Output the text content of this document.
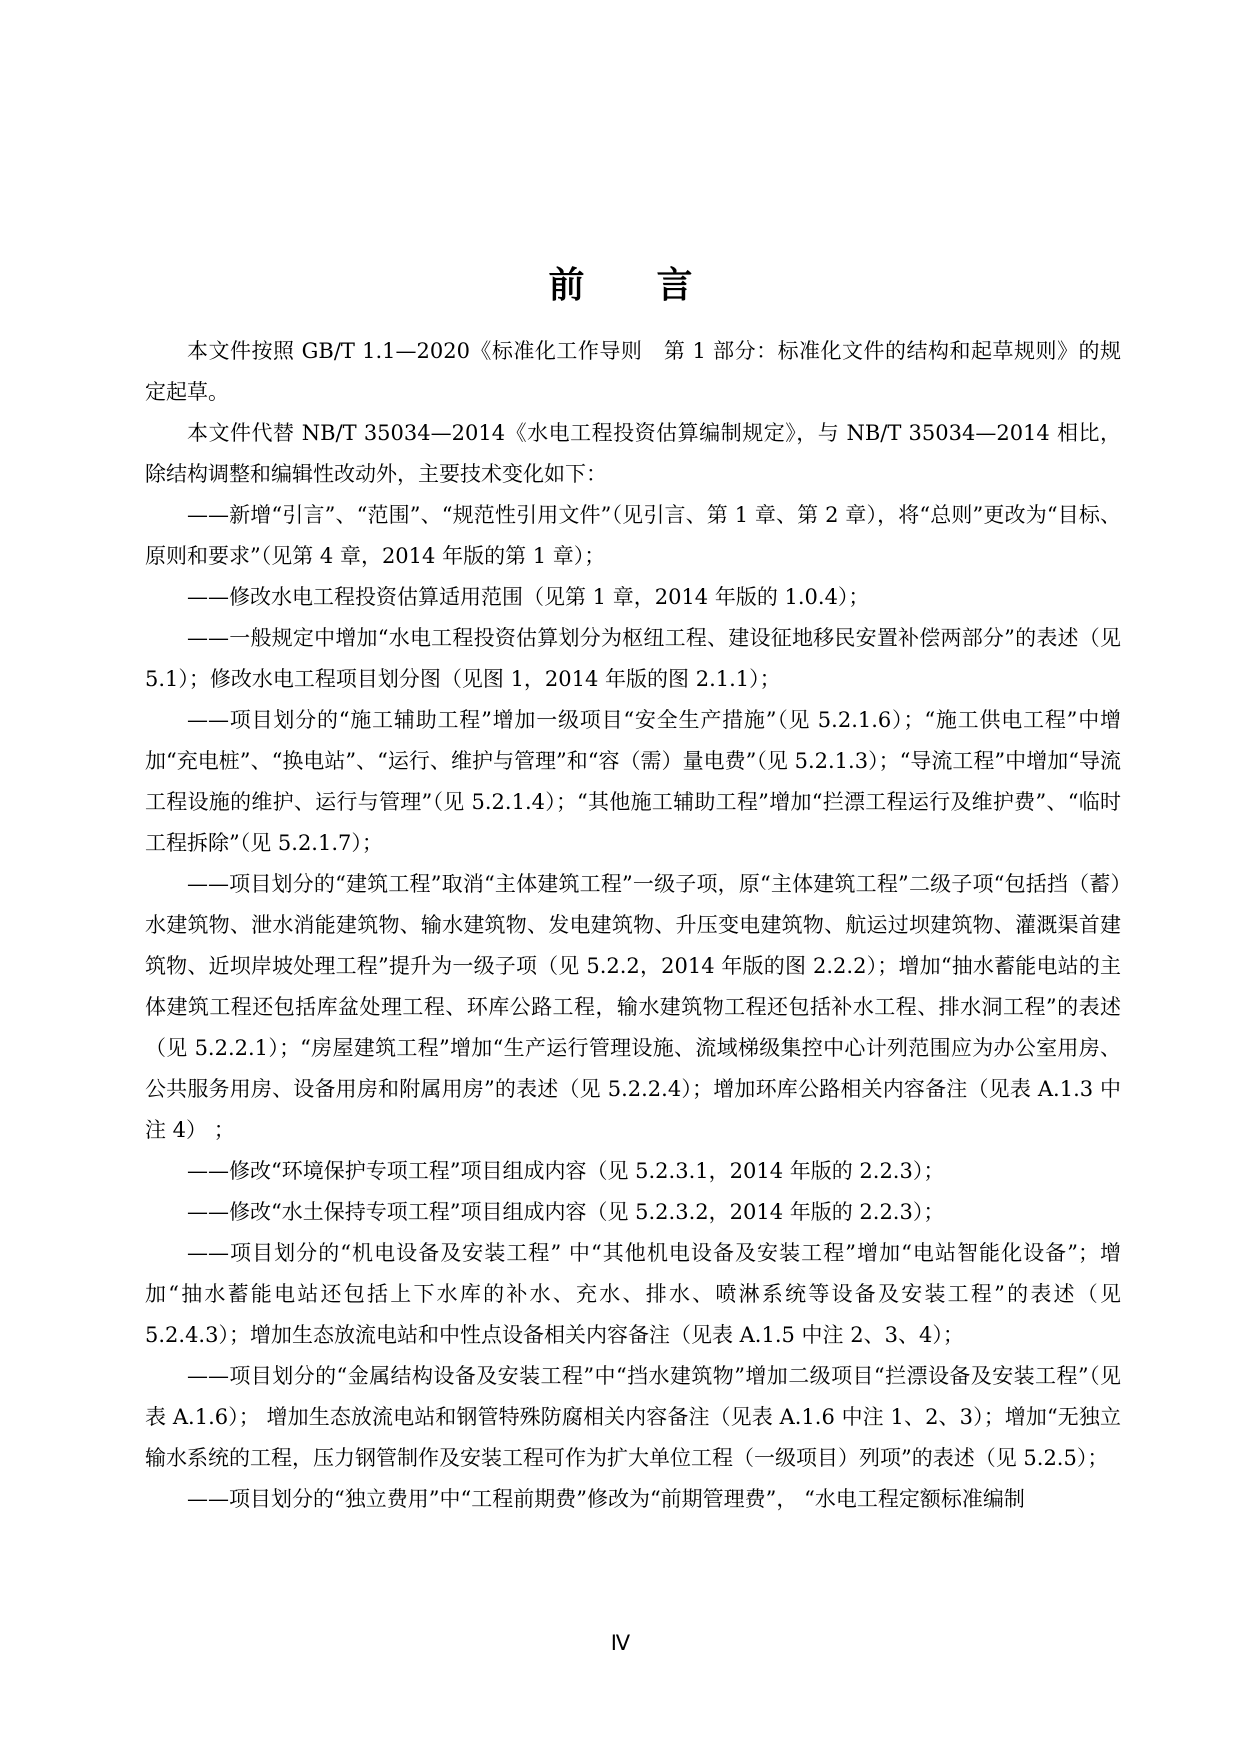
前　　言

本文件按照 GB/T 1.1—2020《标准化工作导则　第 1 部分：标准化文件的结构和起草规则》的规定起草。

本文件代替 NB/T 35034—2014《水电工程投资估算编制规定》，与 NB/T 35034—2014 相比，除结构调整和编辑性改动外，主要技术变化如下：

——新增“引言”、“范围”、“规范性引用文件”（见引言、第 1 章、第 2 章），将“总则”更改为“目标、原则和要求”（见第 4 章，2014 年版的第 1 章）；

——修改水电工程投资估算适用范围（见第 1 章，2014 年版的 1.0.4）；

——一般规定中增加“水电工程投资估算划分为枢纽工程、建设征地移民安置补偿两部分”的表述（见 5.1）；修改水电工程项目划分图（见图 1，2014 年版的图 2.1.1）；

——项目划分的“施工辅助工程”增加一级项目“安全生产措施”（见 5.2.1.6）；“施工供电工程”中增加“充电桩”、“换电站”、“运行、维护与管理”和“容（需）量电费”（见 5.2.1.3）；“导流工程”中增加“导流工程设施的维护、运行与管理”（见 5.2.1.4）；“其他施工辅助工程”增加“拦漂工程运行及维护费”、“临时工程拆除”（见 5.2.1.7）；

——项目划分的“建筑工程”取消“主体建筑工程”一级子项，原“主体建筑工程”二级子项“包括挡（蓄）水建筑物、泄水消能建筑物、输水建筑物、发电建筑物、升压变电建筑物、航运过坝建筑物、灌溉渠首建筑物、近坝岸坡处理工程”提升为一级子项（见 5.2.2，2014 年版的图 2.2.2）；增加“抽水蓄能电站的主体建筑工程还包括库盆处理工程、环库公路工程，输水建筑物工程还包括补水工程、排水洞工程”的表述（见 5.2.2.1）；“房屋建筑工程”增加“生产运行管理设施、流域梯级集控中心计列范围应为办公室用房、公共服务用房、设备用房和附属用房”的表述（见 5.2.2.4）；增加环库公路相关内容备注（见表 A.1.3 中注 4） ；

——修改“环境保护专项工程”项目组成内容（见 5.2.3.1，2014 年版的 2.2.3）；

——修改“水土保持专项工程”项目组成内容（见 5.2.3.2，2014 年版的 2.2.3）；

——项目划分的“机电设备及安装工程” 中“其他机电设备及安装工程”增加“电站智能化设备”；增加“抽水蓄能电站还包括上下水库的补水、充水、排水、喷淋系统等设备及安装工程”的表述（见 5.2.4.3）；增加生态放流电站和中性点设备相关内容备注（见表 A.1.5 中注 2、3、4）；

——项目划分的“金属结构设备及安装工程”中“挡水建筑物”增加二级项目“拦漂设备及安装工程”（见表 A.1.6）； 增加生态放流电站和钢管特殊防腐相关内容备注（见表 A.1.6 中注 1、2、3）；增加“无独立输水系统的工程，压力钢管制作及安装工程可作为扩大单位工程（一级项目）列项”的表述（见 5.2.5）；

——项目划分的“独立费用”中“工程前期费”修改为“前期管理费”， “水电工程定额标准编制

Ⅳ
